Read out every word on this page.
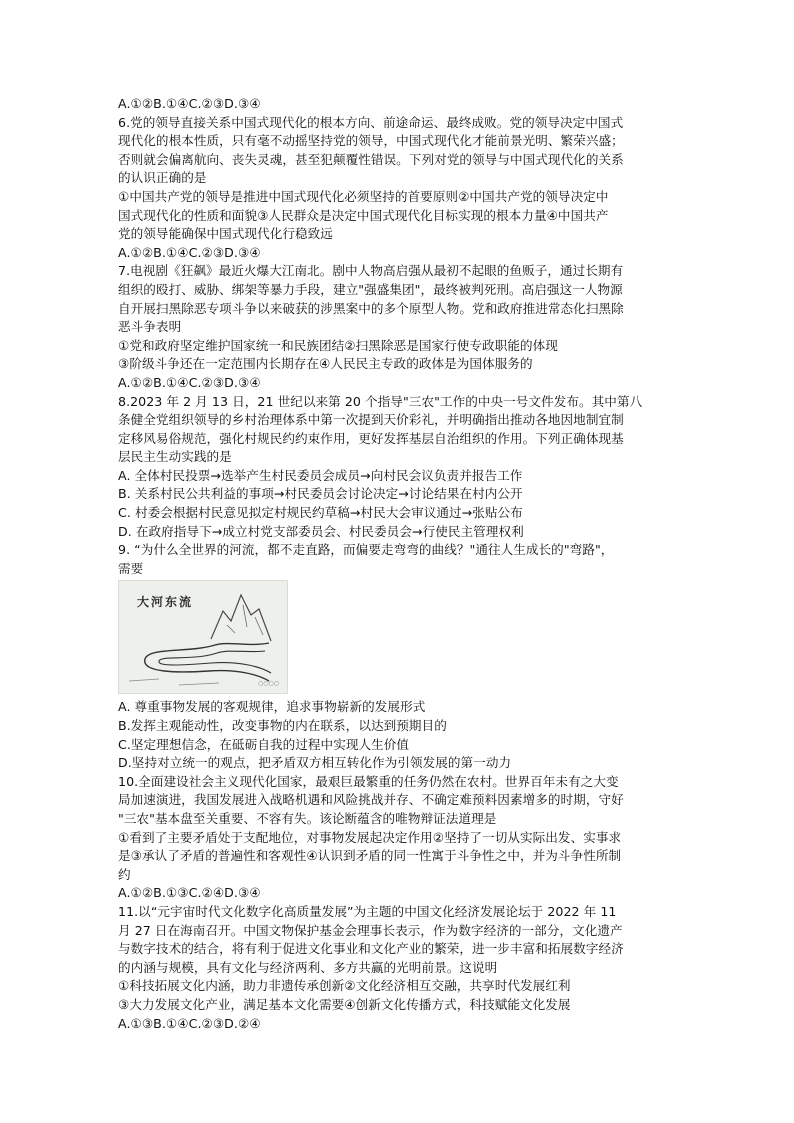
A.①②B.①④C.②③D.③④
6.党的领导直接关系中国式现代化的根本方向、前途命运、最终成败。党的领导决定中国式
现代化的根本性质，只有毫不动摇坚持党的领导，中国式现代化才能前景光明、繁荣兴盛；
否则就会偏离航向、丧失灵魂，甚至犯颠覆性错误。下列对党的领导与中国式现代化的关系
的认识正确的是
①中国共产党的领导是推进中国式现代化必须坚持的首要原则②中国共产党的领导决定中
国式现代化的性质和面貌③人民群众是决定中国式现代化目标实现的根本力量④中国共产
党的领导能确保中国式现代化行稳致远
A.①②B.①④C.②③D.③④
7.电视剧《狂飙》最近火爆大江南北。剧中人物高启强从最初不起眼的鱼贩子，通过长期有
组织的殴打、威胁、绑架等暴力手段，建立"强盛集团"，最终被判死刑。高启强这一人物源
自开展扫黑除恶专项斗争以来破获的涉黑案中的多个原型人物。党和政府推进常态化扫黑除
恶斗争表明
①党和政府坚定维护国家统一和民族团结②扫黑除恶是国家行使专政职能的体现
③阶级斗争还在一定范围内长期存在④人民民主专政的政体是为国体服务的
A.①②B.①④C.②③D.③④
8.2023 年 2 月 13 日，21 世纪以来第 20 个指导"三农"工作的中央一号文件发布。其中第八
条健全党组织领导的乡村治理体系中第一次提到天价彩礼，并明确指出推动各地因地制宜制
定移风易俗规范，强化村规民约约束作用，更好发挥基层自治组织的作用。下列正确体现基
层民主生动实践的是
A. 全体村民投票→选举产生村民委员会成员→向村民会议负责并报告工作
B. 关系村民公共利益的事项→村民委员会讨论决定→讨论结果在村内公开
C. 村委会根据村民意见拟定村规民约草稿→村民大会审议通过→张贴公布
D. 在政府指导下→成立村党支部委员会、村民委员会→行使民主管理权利
9. “为什么全世界的河流，都不走直路，而偏要走弯弯的曲线？"通往人生成长的"弯路"，
需要
大河东流
○○○○
A. 尊重事物发展的客观规律，追求事物崭新的发展形式
B.发挥主观能动性，改变事物的内在联系，以达到预期目的
C.坚定理想信念，在砥砺自我的过程中实现人生价值
D.坚持对立统一的观点，把矛盾双方相互转化作为引领发展的第一动力
10.全面建设社会主义现代化国家，最艰巨最繁重的任务仍然在农村。世界百年未有之大变
局加速演进，我国发展进入战略机遇和风险挑战并存、不确定难预料因素增多的时期，守好
"三农"基本盘至关重要、不容有失。该论断蕴含的唯物辩证法道理是
①看到了主要矛盾处于支配地位，对事物发展起决定作用②坚持了一切从实际出发、实事求
是③承认了矛盾的普遍性和客观性④认识到矛盾的同一性寓于斗争性之中，并为斗争性所制
约
A.①②B.①③C.②④D.③④
11.以“元宇宙时代文化数字化高质量发展”为主题的中国文化经济发展论坛于 2022 年 11
月 27 日在海南召开。中国文物保护基金会理事长表示，作为数字经济的一部分，文化遗产
与数字技术的结合，将有利于促进文化事业和文化产业的繁荣，进一步丰富和拓展数字经济
的内涵与规模，具有文化与经济两利、多方共赢的光明前景。这说明
①科技拓展文化内涵，助力非遗传承创新②文化经济相互交融，共享时代发展红利
③大力发展文化产业，满足基本文化需要④创新文化传播方式，科技赋能文化发展
A.①③B.①④C.②③D.②④
